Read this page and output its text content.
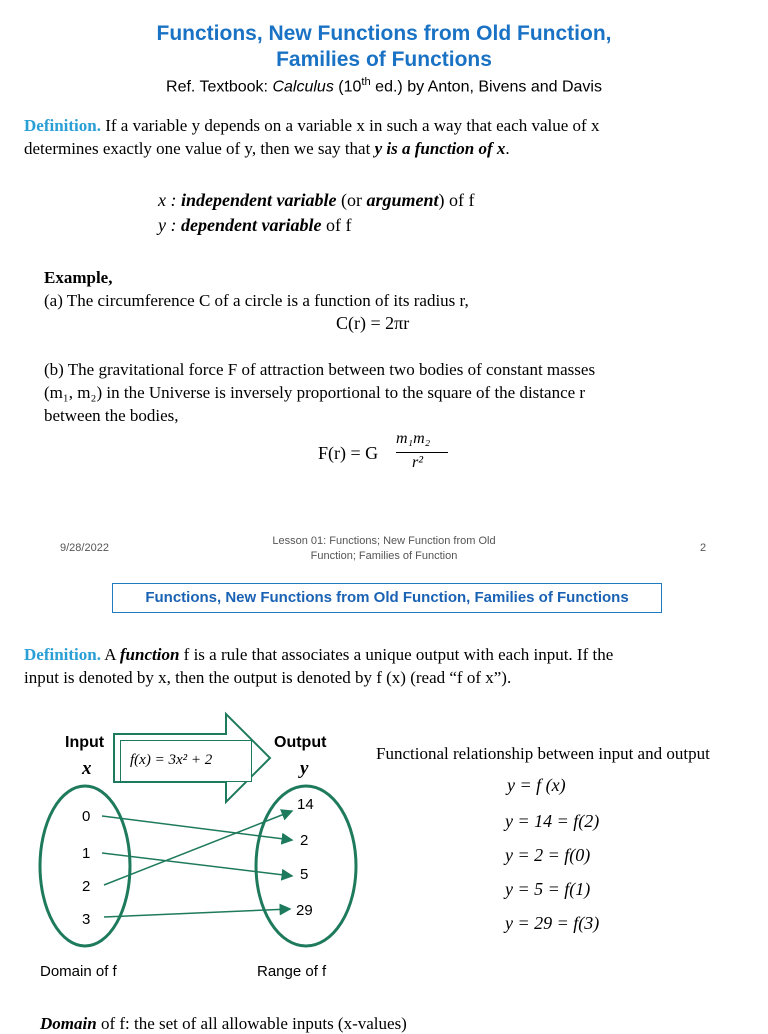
Functions, New Functions from Old Function,
Families of Functions
Ref. Textbook: Calculus (10th ed.) by Anton, Bivens and Davis
Definition. If a variable y depends on a variable x in such a way that each value of x
determines exactly one value of y, then we say that y is a function of x.
x : independent variable (or argument) of f
y : dependent variable of f
Example,
(a) The circumference C of a circle is a function of its radius r,
C(r) = 2πr
(b) The gravitational force F of attraction between two bodies of constant masses
(m₁, m₂) in the Universe is inversely proportional to the square of the distance r
between the bodies,
F(r) = G
m₁m₂
r²
9/28/2022
Lesson 01: Functions; New Function from Old
Function; Families of Function
2
Functions, New Functions from Old Function, Families of Functions
Definition. A function f is a rule that associates a unique output with each input. If the
input is denoted by x, then the output is denoted by f (x) (read “f of x”).
Input
x
Output
y
f(x) = 3x² + 2
0
1
2
3
14
2
5
29
Domain of f	Range of f
Functional relationship between input and output
y = f (x)
y = 14 = f(2)
y = 2 = f(0)
y = 5 = f(1)
y = 29 = f(3)
Domain of f: the set of all allowable inputs (x-values)
